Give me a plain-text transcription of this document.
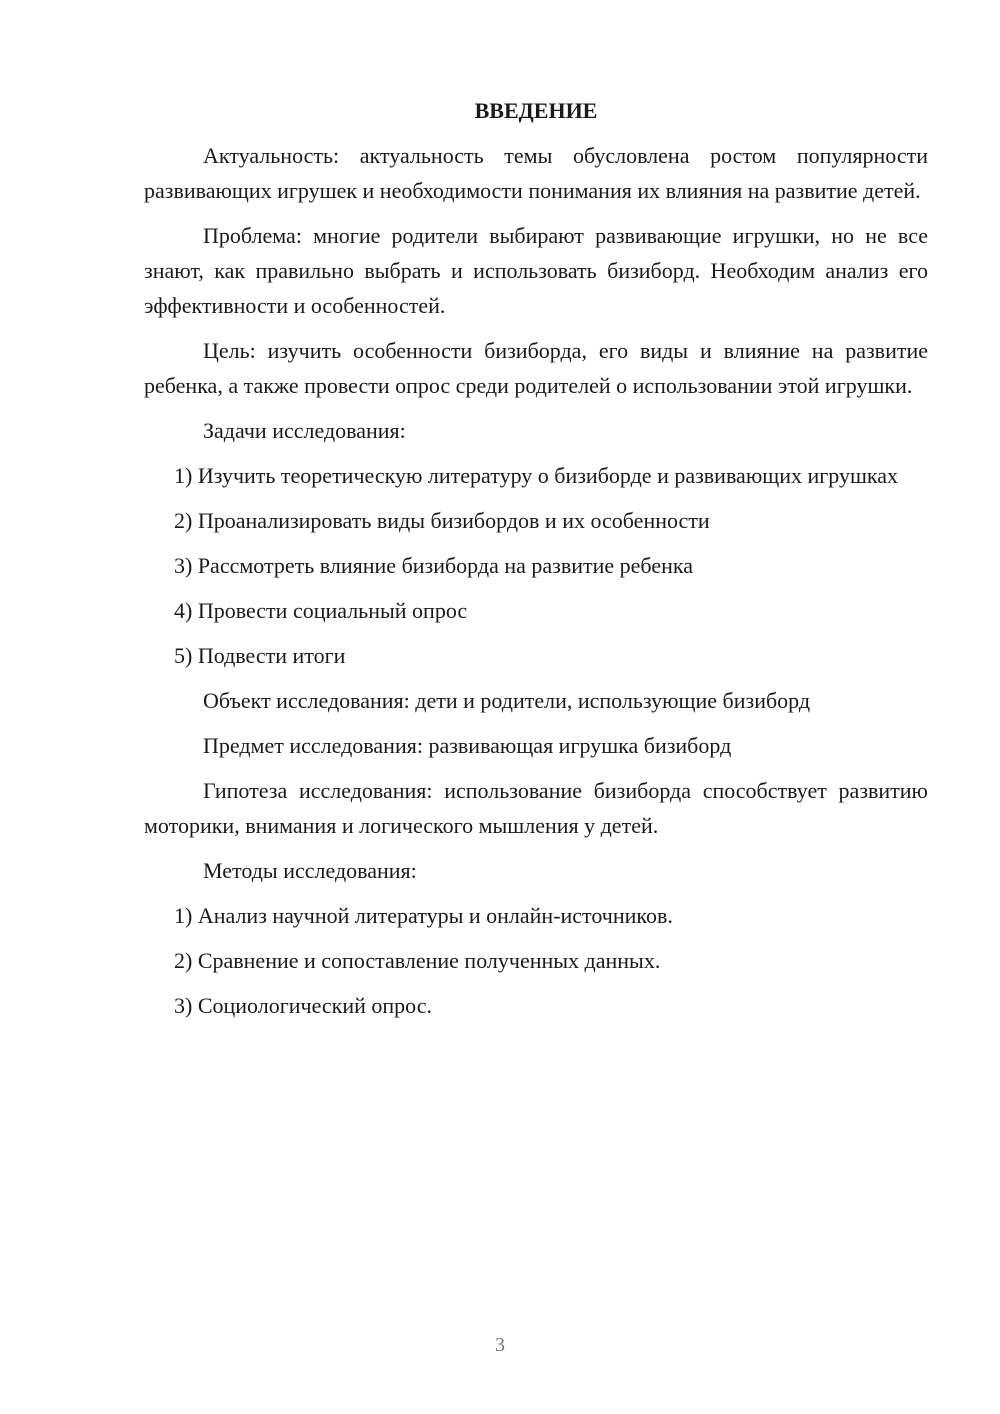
ВВЕДЕНИЕ

Актуальность: актуальность темы обусловлена ростом популярности развивающих игрушек и необходимости понимания их влияния на развитие детей.

Проблема: многие родители выбирают развивающие игрушки, но не все знают, как правильно выбрать и использовать бизиборд. Необходим анализ его эффективности и особенностей.

Цель: изучить особенности бизиборда, его виды и влияние на развитие ребенка, а также провести опрос среди родителей о использовании этой игрушки.

Задачи исследования:

1) Изучить теоретическую литературу о бизиборде и развивающих игрушках

2) Проанализировать виды бизибордов и их особенности

3) Рассмотреть влияние бизиборда на развитие ребенка

4) Провести социальный опрос

5) Подвести итоги

Объект исследования: дети и родители, использующие бизиборд

Предмет исследования: развивающая игрушка бизиборд

Гипотеза исследования: использование бизиборда способствует развитию моторики, внимания и логического мышления у детей.

Методы исследования:

1) Анализ научной литературы и онлайн-источников.

2) Сравнение и сопоставление полученных данных.

3) Социологический опрос.

3
